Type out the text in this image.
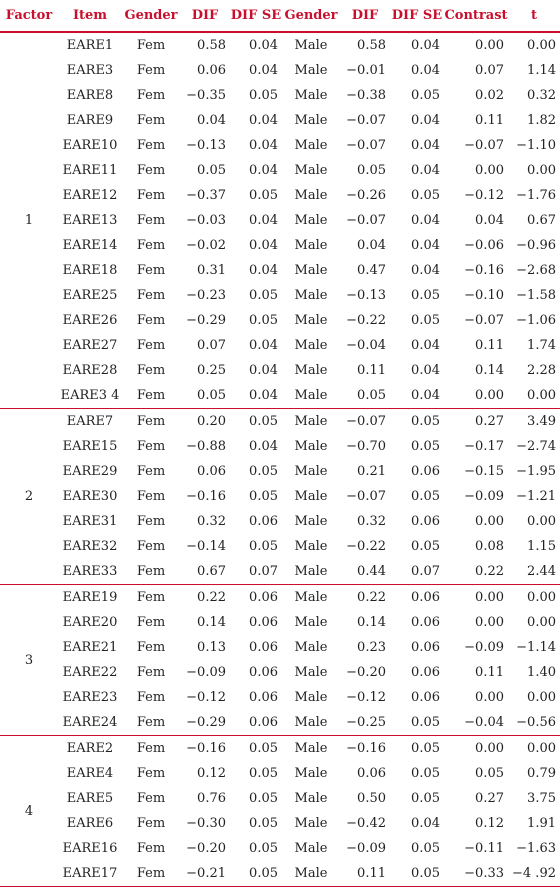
Factor	Item	Gender	DIF	DIF SE	Gender	DIF	DIF SE	Contrast	t
1	EARE1	Fem	0.58	0.04	Male	0.58	0.04	0.00	0.00
	EARE3	Fem	0.06	0.04	Male	−0.01	0.04	0.07	1.14
	EARE8	Fem	−0.35	0.05	Male	−0.38	0.05	0.02	0.32
	EARE9	Fem	0.04	0.04	Male	−0.07	0.04	0.11	1.82
	EARE10	Fem	−0.13	0.04	Male	−0.07	0.04	−0.07	−1.10
	EARE11	Fem	0.05	0.04	Male	0.05	0.04	0.00	0.00
	EARE12	Fem	−0.37	0.05	Male	−0.26	0.05	−0.12	−1.76
	EARE13	Fem	−0.03	0.04	Male	−0.07	0.04	0.04	0.67
	EARE14	Fem	−0.02	0.04	Male	0.04	0.04	−0.06	−0.96
	EARE18	Fem	0.31	0.04	Male	0.47	0.04	−0.16	−2.68
	EARE25	Fem	−0.23	0.05	Male	−0.13	0.05	−0.10	−1.58
	EARE26	Fem	−0.29	0.05	Male	−0.22	0.05	−0.07	−1.06
	EARE27	Fem	0.07	0.04	Male	−0.04	0.04	0.11	1.74
	EARE28	Fem	0.25	0.04	Male	0.11	0.04	0.14	2.28
	EARE3 4	Fem	0.05	0.04	Male	0.05	0.04	0.00	0.00
2	EARE7	Fem	0.20	0.05	Male	−0.07	0.05	0.27	3.49
	EARE15	Fem	−0.88	0.04	Male	−0.70	0.05	−0.17	−2.74
	EARE29	Fem	0.06	0.05	Male	0.21	0.06	−0.15	−1.95
	EARE30	Fem	−0.16	0.05	Male	−0.07	0.05	−0.09	−1.21
	EARE31	Fem	0.32	0.06	Male	0.32	0.06	0.00	0.00
	EARE32	Fem	−0.14	0.05	Male	−0.22	0.05	0.08	1.15
	EARE33	Fem	0.67	0.07	Male	0.44	0.07	0.22	2.44
3	EARE19	Fem	0.22	0.06	Male	0.22	0.06	0.00	0.00
	EARE20	Fem	0.14	0.06	Male	0.14	0.06	0.00	0.00
	EARE21	Fem	0.13	0.06	Male	0.23	0.06	−0.09	−1.14
	EARE22	Fem	−0.09	0.06	Male	−0.20	0.06	0.11	1.40
	EARE23	Fem	−0.12	0.06	Male	−0.12	0.06	0.00	0.00
	EARE24	Fem	−0.29	0.06	Male	−0.25	0.05	−0.04	−0.56
4	EARE2	Fem	−0.16	0.05	Male	−0.16	0.05	0.00	0.00
	EARE4	Fem	0.12	0.05	Male	0.06	0.05	0.05	0.79
	EARE5	Fem	0.76	0.05	Male	0.50	0.05	0.27	3.75
	EARE6	Fem	−0.30	0.05	Male	−0.42	0.04	0.12	1.91
	EARE16	Fem	−0.20	0.05	Male	−0.09	0.05	−0.11	−1.63
	EARE17	Fem	−0.21	0.05	Male	0.11	0.05	−0.33	−4 .92
